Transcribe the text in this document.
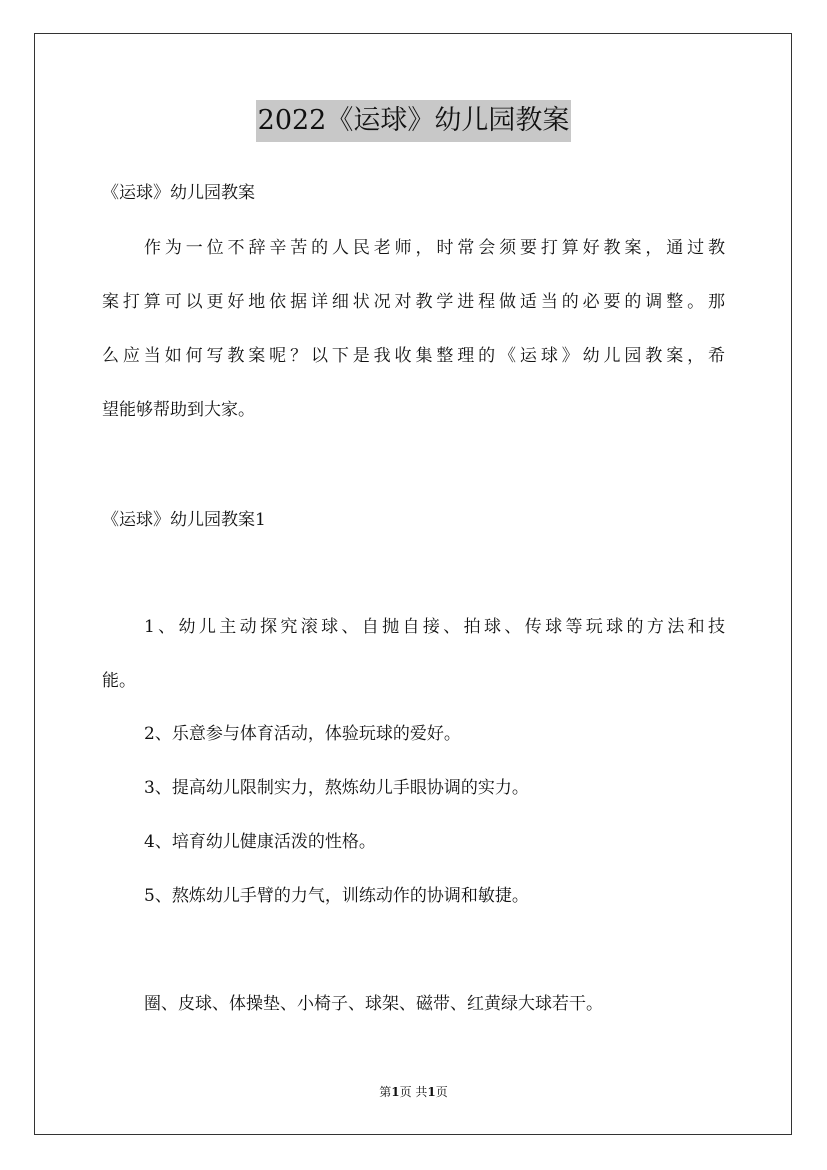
2022《运球》幼儿园教案
《运球》幼儿园教案
作为一位不辞辛苦的人民老师，时常会须要打算好教案，通过教
案打算可以更好地依据详细状况对教学进程做适当的必要的调整。那
么应当如何写教案呢？以下是我收集整理的《运球》幼儿园教案，希
望能够帮助到大家。
《运球》幼儿园教案1
1、幼儿主动探究滚球、自抛自接、拍球、传球等玩球的方法和技
能。
2、乐意参与体育活动，体验玩球的爱好。
3、提高幼儿限制实力，熬炼幼儿手眼协调的实力。
4、培育幼儿健康活泼的性格。
5、熬炼幼儿手臂的力气，训练动作的协调和敏捷。
圈、皮球、体操垫、小椅子、球架、磁带、红黄绿大球若干。
第1页 共1页
